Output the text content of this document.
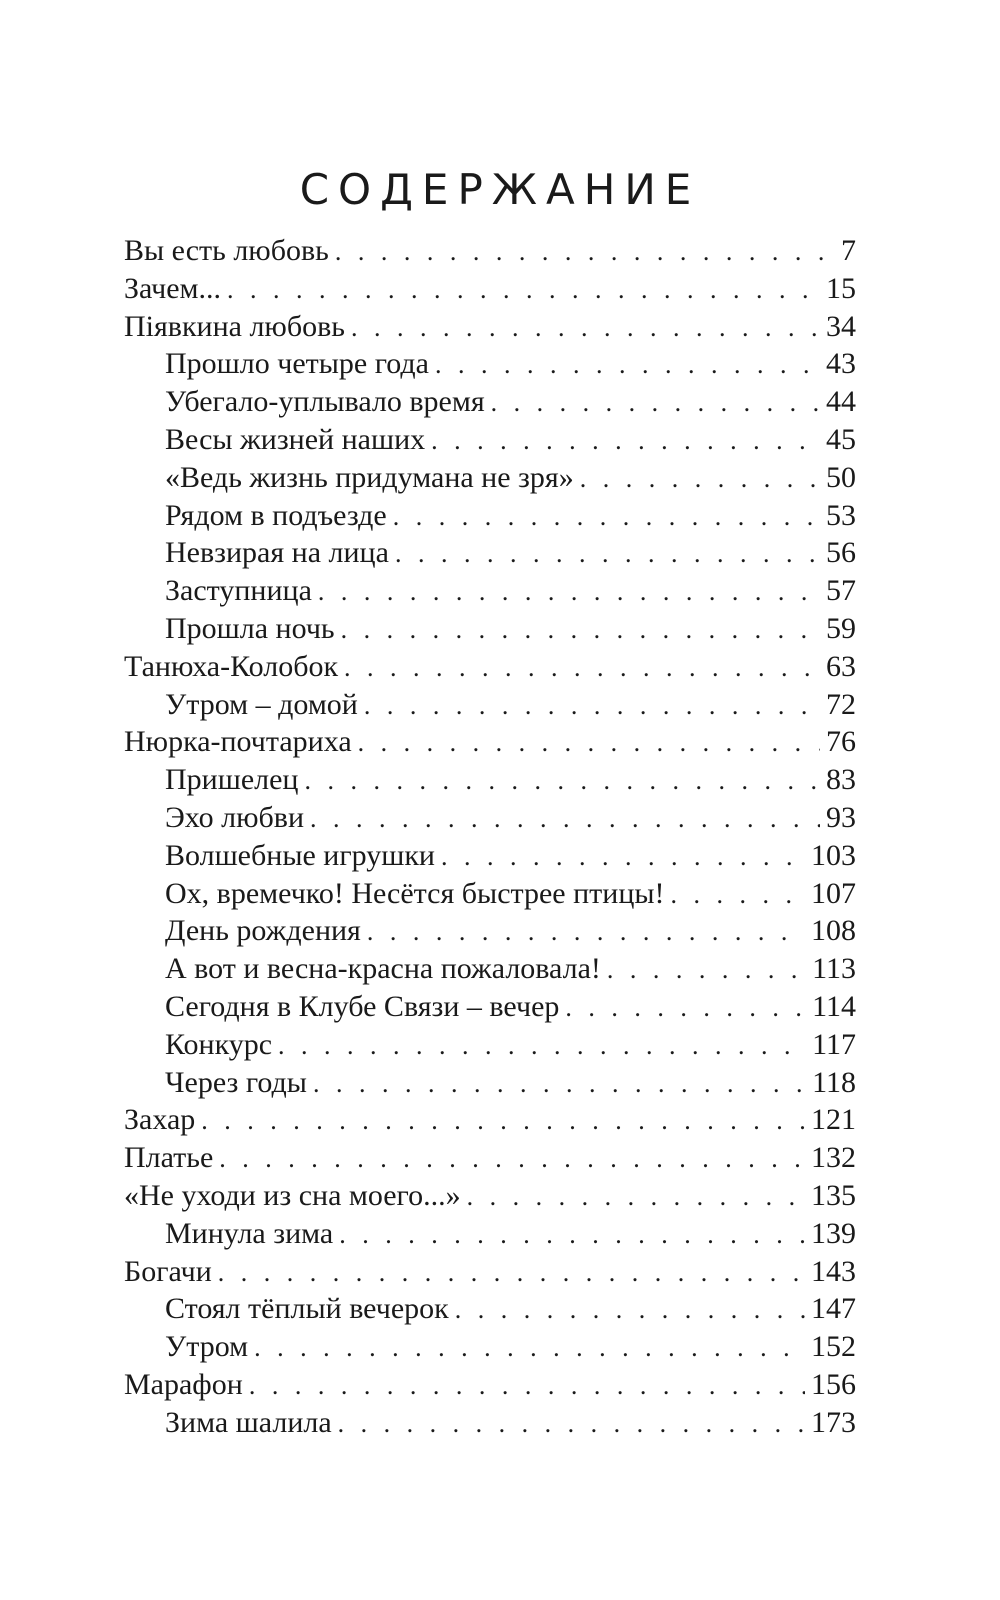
СОДЕРЖАНИЕ
Вы есть любовь . . .	7
Зачем... . . .	15
Піявкина любовь . . .	34
Прошло четыре года . . .	43
Убегало-уплывало время . . .	44
Весы жизней наших . . .	45
«Ведь жизнь придумана не зря» . . .	50
Рядом в подъезде . . .	53
Невзирая на лица . . .	56
Заступница . . .	57
Прошла ночь . . .	59
Танюха-Колобок . . .	63
Утром – домой . . .	72
Нюрка-почтариха . . .	76
Пришелец . . .	83
Эхо любви . . .	93
Волшебные игрушки . . .	103
Ох, времечко! Несётся быстрее птицы! . . .	107
День рождения . . .	108
А вот и весна-красна пожаловала! . . .	113
Сегодня в Клубе Связи – вечер . . .	114
Конкурс . . .	117
Через годы . . .	118
Захар . . .	121
Платье . . .	132
«Не уходи из сна моего...» . . .	135
Минула зима . . .	139
Богачи . . .	143
Стоял тёплый вечерок . . .	147
Утром . . .	152
Марафон . . .	156
Зима шалила . . .	173
